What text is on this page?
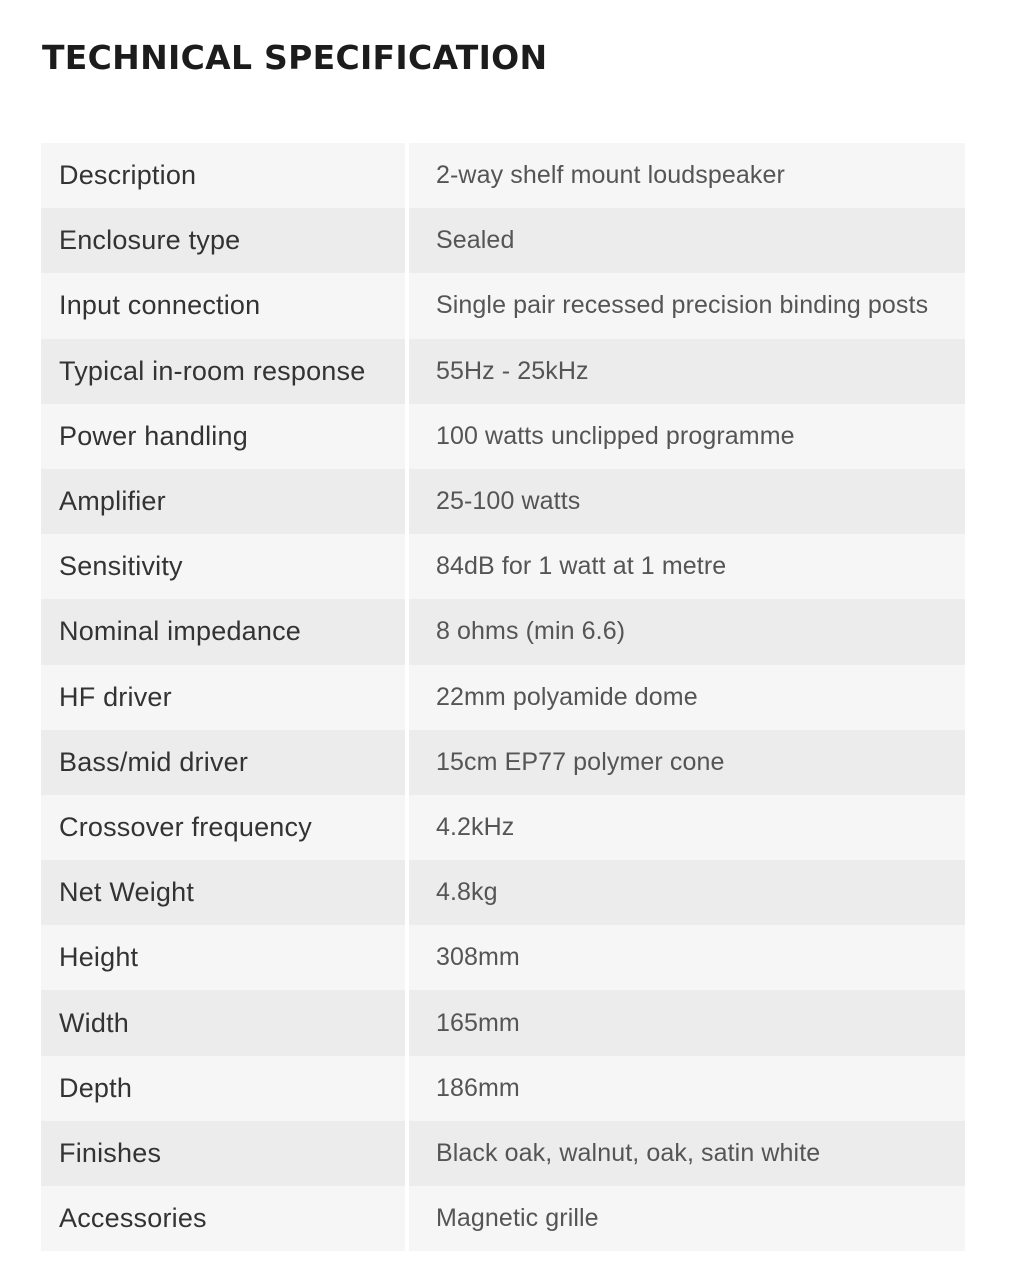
TECHNICAL SPECIFICATION
Description		2-way shelf mount loudspeaker
Enclosure type		Sealed
Input connection		Single pair recessed precision binding posts
Typical in-room response		55Hz - 25kHz
Power handling		100 watts unclipped programme
Amplifier		25-100 watts
Sensitivity		84dB for 1 watt at 1 metre
Nominal impedance		8 ohms (min 6.6)
HF driver		22mm polyamide dome
Bass/mid driver		15cm EP77 polymer cone
Crossover frequency		4.2kHz
Net Weight		4.8kg
Height		308mm
Width		165mm
Depth		186mm
Finishes		Black oak, walnut, oak, satin white
Accessories		Magnetic grille
